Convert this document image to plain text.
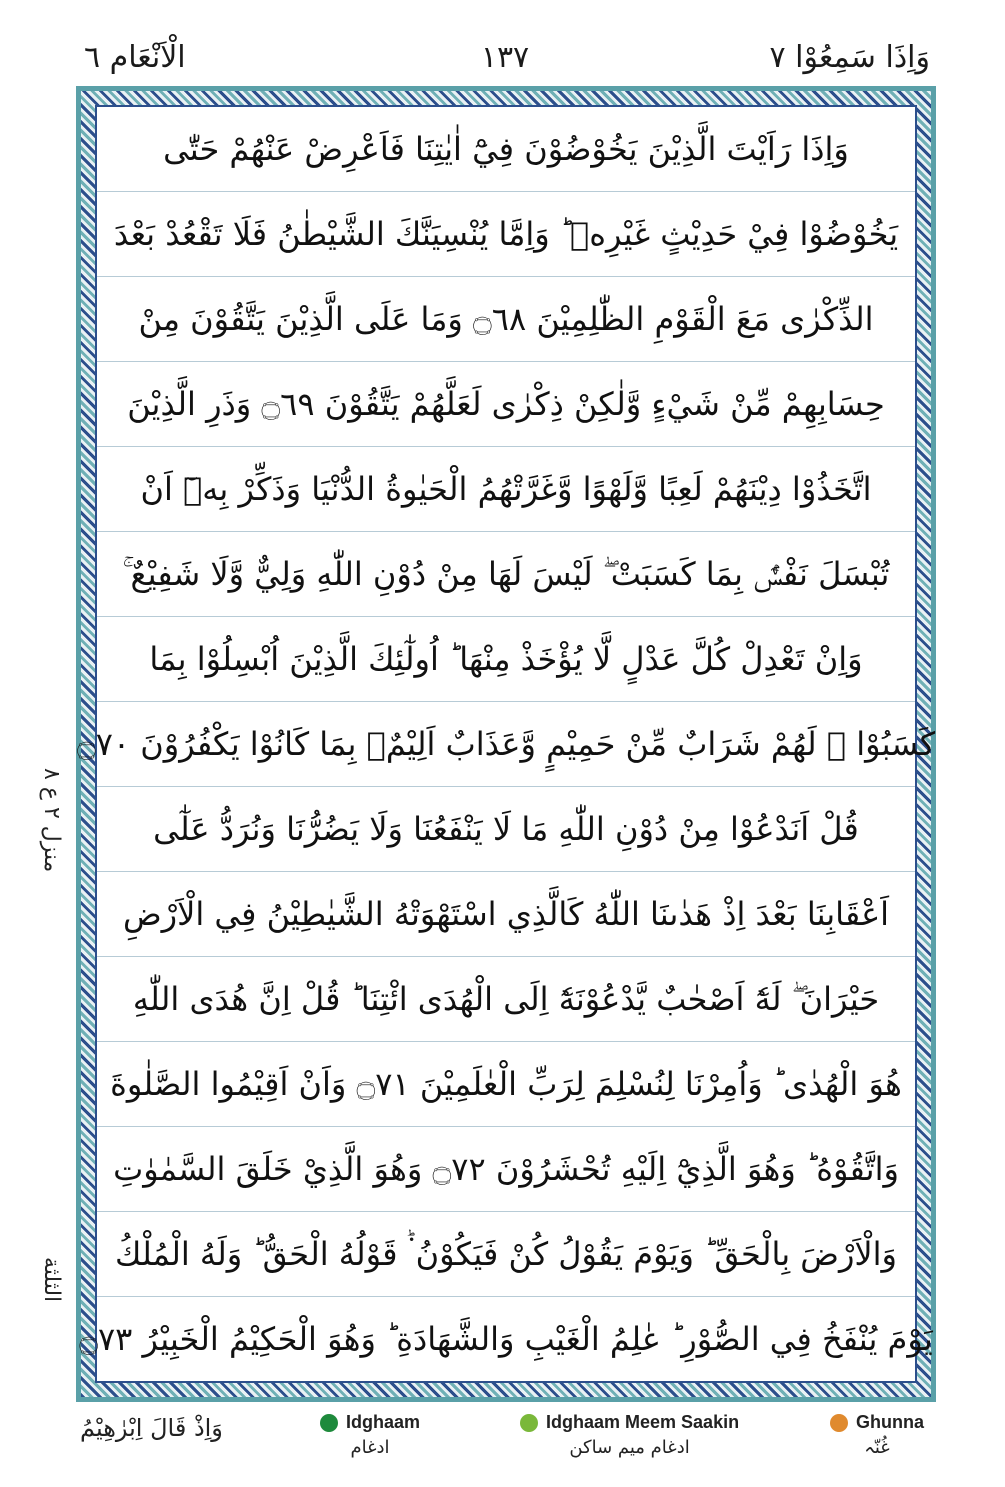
الْاَنْعَام ٦	١٣٧	وَاِذَا سَمِعُوْا ٧
منزل ٢ ع ٨
الثلثة
وَاِذَا رَاَيْتَ الَّذِيْنَ يَخُوْضُوْنَ فِيْٓ اٰيٰتِنَا فَاَعْرِضْ عَنْهُمْ حَتّٰى
يَخُوْضُوْا فِيْ حَدِيْثٍ غَيْرِهٖ ؕ وَاِمَّا يُنْسِيَنَّكَ الشَّيْطٰنُ فَلَا تَقْعُدْ بَعْدَ
الذِّكْرٰى مَعَ الْقَوْمِ الظّٰلِمِيْنَ ۝٦٨ وَمَا عَلَى الَّذِيْنَ يَتَّقُوْنَ مِنْ
حِسَابِهِمْ مِّنْ شَيْءٍ وَّلٰكِنْ ذِكْرٰى لَعَلَّهُمْ يَتَّقُوْنَ ۝٦٩ وَذَرِ الَّذِيْنَ
اتَّخَذُوْا دِيْنَهُمْ لَعِبًا وَّلَهْوًا وَّغَرَّتْهُمُ الْحَيٰوةُ الدُّنْيَا وَذَكِّرْ بِهٖٓ اَنْ
تُبْسَلَ نَفْسٌۢ بِمَا كَسَبَتْ ۖ لَيْسَ لَهَا مِنْ دُوْنِ اللّٰهِ وَلِيٌّ وَّلَا شَفِيْعٌ ۚ
وَاِنْ تَعْدِلْ كُلَّ عَدْلٍ لَّا يُؤْخَذْ مِنْهَا ؕ اُولٰٓئِكَ الَّذِيْنَ اُبْسِلُوْا بِمَا
كَسَبُوْا ۚ لَهُمْ شَرَابٌ مِّنْ حَمِيْمٍ وَّعَذَابٌ اَلِيْمٌۢ بِمَا كَانُوْا يَكْفُرُوْنَ ۝٧٠
قُلْ اَنَدْعُوْا مِنْ دُوْنِ اللّٰهِ مَا لَا يَنْفَعُنَا وَلَا يَضُرُّنَا وَنُرَدُّ عَلٰٓى
اَعْقَابِنَا بَعْدَ اِذْ هَدٰىنَا اللّٰهُ كَالَّذِي اسْتَهْوَتْهُ الشَّيٰطِيْنُ فِي الْاَرْضِ
حَيْرَانَ ۖ لَهٗٓ اَصْحٰبٌ يَّدْعُوْنَهٗٓ اِلَى الْهُدَى ائْتِنَا ؕ قُلْ اِنَّ هُدَى اللّٰهِ
هُوَ الْهُدٰى ؕ وَاُمِرْنَا لِنُسْلِمَ لِرَبِّ الْعٰلَمِيْنَ ۝٧١ وَاَنْ اَقِيْمُوا الصَّلٰوةَ
وَاتَّقُوْهُ ؕ وَهُوَ الَّذِيْٓ اِلَيْهِ تُحْشَرُوْنَ ۝٧٢ وَهُوَ الَّذِيْ خَلَقَ السَّمٰوٰتِ
وَالْاَرْضَ بِالْحَقِّ ؕ وَيَوْمَ يَقُوْلُ كُنْ فَيَكُوْنُ ۬ؕ قَوْلُهُ الْحَقُّ ؕ وَلَهُ الْمُلْكُ
يَوْمَ يُنْفَخُ فِي الصُّوْرِ ؕ عٰلِمُ الْغَيْبِ وَالشَّهَادَةِ ؕ وَهُوَ الْحَكِيْمُ الْخَبِيْرُ ۝٧٣
وَاِذْ قَالَ اِبْرٰهِيْمُ	Idghaam
ادغام
Idghaam Meem Saakin
ادغام میم ساکن
Ghunna
غُنّہ
